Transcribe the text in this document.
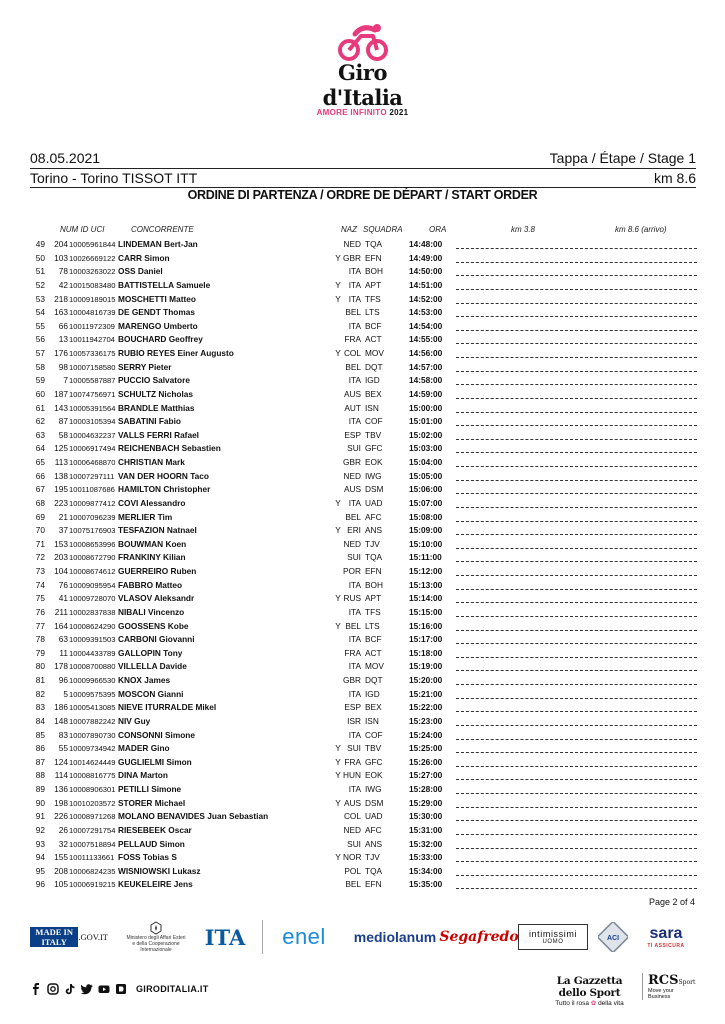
Giro d'Italia
AMORE INFINITO 2021
08.05.2021	Tappa / Étape / Stage 1
Torino - Torino TISSOT ITT	km 8.6
ORDINE DI PARTENZA / ORDRE DE DÉPART / START ORDER
NUM ID UCI	CONCORRENTE	NAZ SQUADRA	ORA	km 3.8	km 8.6 (arrivo)
49	204 10005961844 LINDEMAN Bert-Jan	NED TQA	14:48:00
50	103 10026669122 CARR Simon	Y GBR EFN	14:49:00
51	78 10003263022 OSS Daniel	ITA BOH	14:50:00
52	42 10015083480 BATTISTELLA Samuele	Y ITA APT	14:51:00
53	218 10009189015 MOSCHETTI Matteo	Y ITA TFS	14:52:00
54	163 10004816739 DE GENDT Thomas	BEL LTS	14:53:00
55	66 10011972309 MARENGO Umberto	ITA BCF	14:54:00
56	13 10011942704 BOUCHARD Geoffrey	FRA ACT	14:55:00
57	176 10057336175 RUBIO REYES Einer Augusto	Y COL MOV	14:56:00
58	98 10007158580 SERRY Pieter	BEL DQT	14:57:00
59	7 10005587887 PUCCIO Salvatore	ITA IGD	14:58:00
60	187 10074756971 SCHULTZ Nicholas	AUS BEX	14:59:00
61	143 10005391564 BRANDLE Matthias	AUT ISN	15:00:00
62	87 10003105394 SABATINI Fabio	ITA COF	15:01:00
63	58 10004632237 VALLS FERRI Rafael	ESP TBV	15:02:00
64	125 10006917494 REICHENBACH Sebastien	SUI GFC	15:03:00
65	113 10006468870 CHRISTIAN Mark	GBR EOK	15:04:00
66	138 10007297111 VAN DER HOORN Taco	NED IWG	15:05:00
67	195 10011087686 HAMILTON Christopher	AUS DSM	15:06:00
68	223 10009877412 COVI Alessandro	Y ITA UAD	15:07:00
69	21 10007096239 MERLIER Tim	BEL AFC	15:08:00
70	37 10075176903 TESFAZION Natnael	Y ERI ANS	15:09:00
71	153 10008653996 BOUWMAN Koen	NED TJV	15:10:00
72	203 10008672790 FRANKINY Kilian	SUI TQA	15:11:00
73	104 10008674612 GUERREIRO Ruben	POR EFN	15:12:00
74	76 10009095954 FABBRO Matteo	ITA BOH	15:13:00
75	41 10009728070 VLASOV Aleksandr	Y RUS APT	15:14:00
76	211 10002837838 NIBALI Vincenzo	ITA TFS	15:15:00
77	164 10008624290 GOOSSENS Kobe	Y BEL LTS	15:16:00
78	63 10009391503 CARBONI Giovanni	ITA BCF	15:17:00
79	11 10004433789 GALLOPIN Tony	FRA ACT	15:18:00
80	178 10008700880 VILLELLA Davide	ITA MOV	15:19:00
81	96 10009966530 KNOX James	GBR DQT	15:20:00
82	5 10009575395 MOSCON Gianni	ITA IGD	15:21:00
83	186 10005413085 NIEVE ITURRALDE Mikel	ESP BEX	15:22:00
84	148 10007882242 NIV Guy	ISR ISN	15:23:00
85	83 10007890730 CONSONNI Simone	ITA COF	15:24:00
86	55 10009734942 MADER Gino	Y SUI TBV	15:25:00
87	124 10014624449 GUGLIELMI Simon	Y FRA GFC	15:26:00
88	114 10008816775 DINA Marton	Y HUN EOK	15:27:00
89	136 10008906301 PETILLI Simone	ITA IWG	15:28:00
90	198 10010203572 STORER Michael	Y AUS DSM	15:29:00
91	226 10008971268 MOLANO BENAVIDES Juan Sebastian	COL UAD	15:30:00
92	26 10007291754 RIESEBEEK Oscar	NED AFC	15:31:00
93	32 10007518894 PELLAUD Simon	SUI ANS	15:32:00
94	155 10011133661 FOSS Tobias S	Y NOR TJV	15:33:00
95	208 10006824235 WISNIOWSKI Lukasz	POL TQA	15:34:00
96	105 10006919215 KEUKELEIRE Jens	BEL EFN	15:35:00
Page 2 of 4
MADE IN ITALY	.GOV.IT	Ministero degli Affari Esteri e della Cooperazione Internazionale
ITA	enel	mediolanum Segafredo intimissimi
UOMO	ACI sara
TI ASSICURA
GIRODITALIA.IT
La Gazzetta dello Sport
Tutto il rosa ✿ della vita
RCSSport
Move your Business
